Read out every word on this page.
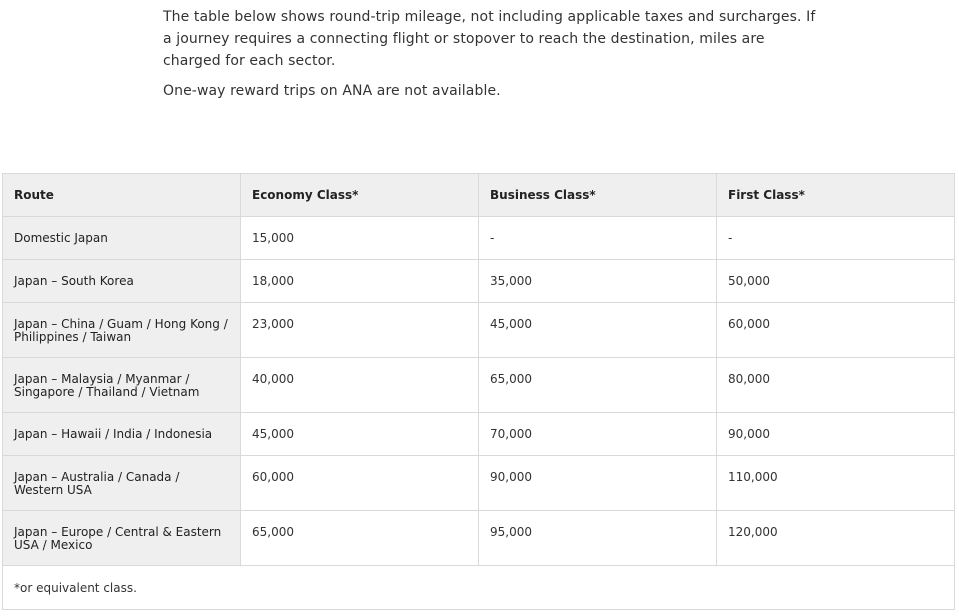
The table below shows round-trip mileage, not including applicable taxes and surcharges. If a journey requires a connecting flight or stopover to reach the destination, miles are charged for each sector.

One-way reward trips on ANA are not available.

Route	Economy Class*	Business Class*	First Class*
Domestic Japan	15,000	-	-
Japan – South Korea	18,000	35,000	50,000
Japan – China / Guam / Hong Kong / Philippines / Taiwan	23,000	45,000	60,000
Japan – Malaysia / Myanmar / Singapore / Thailand / Vietnam	40,000	65,000	80,000
Japan – Hawaii / India / Indonesia	45,000	70,000	90,000
Japan – Australia / Canada / Western USA	60,000	90,000	110,000
Japan – Europe / Central & Eastern USA / Mexico	65,000	95,000	120,000
*or equivalent class.			
